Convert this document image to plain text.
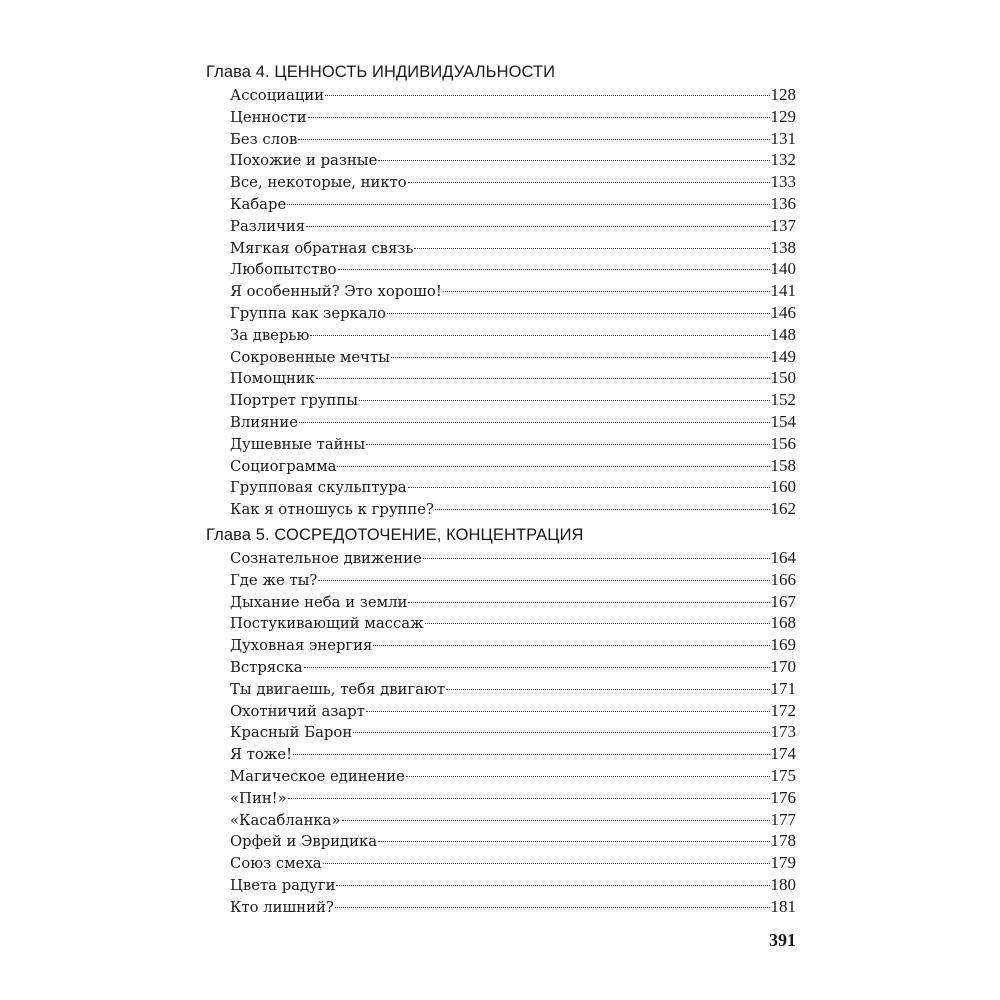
Глава 4. ЦЕННОСТЬ ИНДИВИДУАЛЬНОСТИ
Ассоциации	128
Ценности	129
Без слов	131
Похожие и разные	132
Все, некоторые, никто	133
Кабаре	136
Различия	137
Мягкая обратная связь	138
Любопытство	140
Я особенный? Это хорошо!	141
Группа как зеркало	146
За дверью	148
Сокровенные мечты	149
Помощник	150
Портрет группы	152
Влияние	154
Душевные тайны	156
Социограмма	158
Групповая скульптура	160
Как я отношусь к группе?	162
Глава 5. СОСРЕДОТОЧЕНИЕ, КОНЦЕНТРАЦИЯ
Сознательное движение	164
Где же ты?	166
Дыхание неба и земли	167
Постукивающий массаж	168
Духовная энергия	169
Встряска	170
Ты двигаешь, тебя двигают	171
Охотничий азарт	172
Красный Барон	173
Я тоже!	174
Магическое единение	175
«Пин!»	176
«Касабланка»	177
Орфей и Эвридика	178
Союз смеха	179
Цвета радуги	180
Кто лишний?	181
391
